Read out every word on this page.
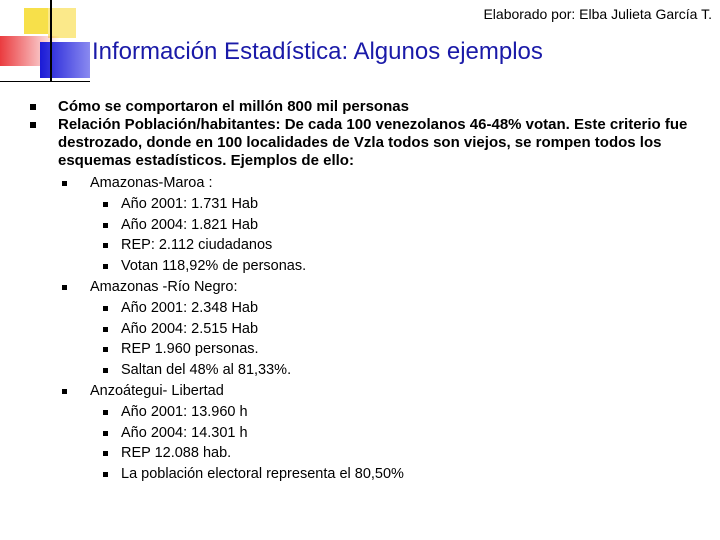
Elaborado por: Elba Julieta García T.
Información Estadística: Algunos ejemplos
Cómo se comportaron el millón 800 mil personas
Relación Población/habitantes: De cada 100 venezolanos 46-48% votan. Este criterio fue destrozado, donde en 100 localidades de Vzla todos son viejos, se rompen todos los esquemas estadísticos. Ejemplos de ello:
Amazonas-Maroa :
Año 2001: 1.731 Hab
Año 2004: 1.821 Hab
REP: 2.112 ciudadanos
Votan 118,92% de personas.
Amazonas -Río Negro:
Año 2001: 2.348 Hab
Año 2004: 2.515 Hab
REP 1.960 personas.
Saltan del 48% al 81,33%.
Anzoátegui- Libertad
Año 2001: 13.960 h
Año 2004: 14.301 h
REP 12.088 hab.
La población electoral representa el 80,50%
